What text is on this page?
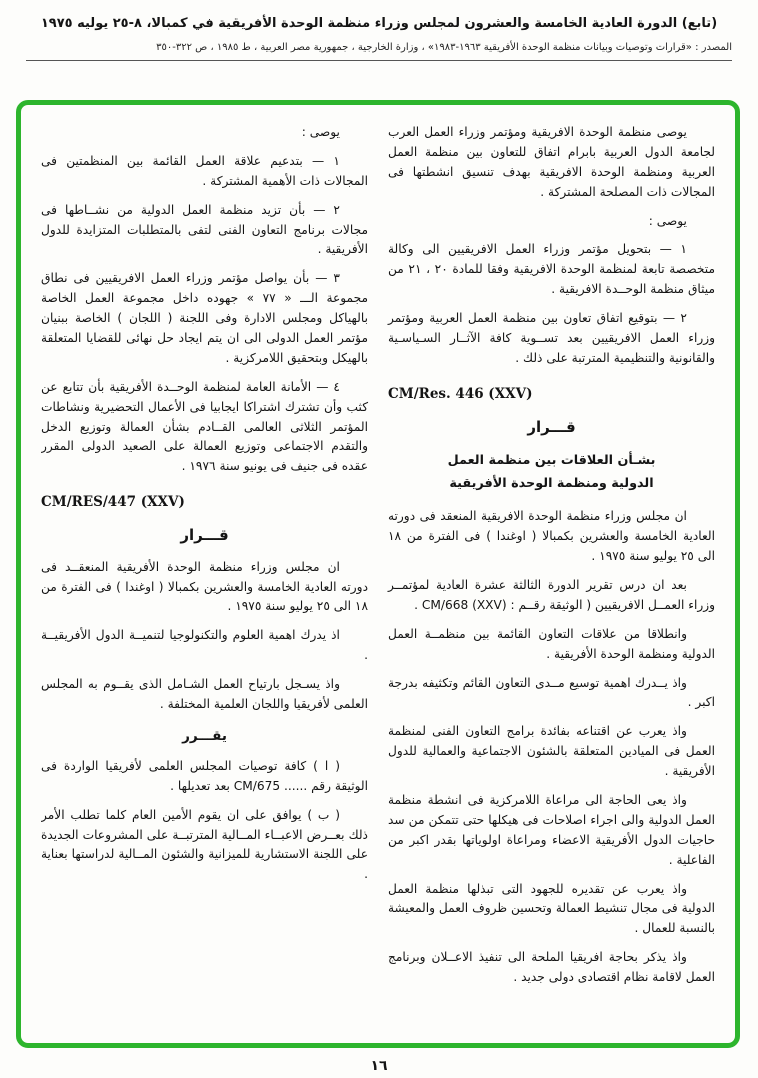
(تابع) الدورة العادية الخامسة والعشرون لمجلس وزراء منظمة الوحدة الأفريقية في كمبالا، ٨-٢٥ يوليه ١٩٧٥
المصدر : «قرارات وتوصيات وبيانات منظمة الوحدة الأفريقية ١٩٦٣-١٩٨٣» ، وزارة الخارجية ، جمهورية مصر العربية ، ط ١٩٨٥ ، ص ٣٢٢-٣٥٠

يوصى منظمة الوحدة الافريقية ومؤتمر وزراء العمل العرب لجامعة الدول العربية بابرام اتفاق للتعاون بين منظمة العمل العربية ومنظمة الوحدة الافريقية بهدف تنسيق انشطتها فى المجالات ذات المصلحة المشتركة .

يوصى :

١ — بتحويل مؤتمر وزراء العمل الافريقيين الى وكالة متخصصة تابعة لمنظمة الوحدة الافريقية وفقا للمادة ٢٠ ، ٢١ من ميثاق منظمة الوحــدة الافريقية .

٢ — بتوقيع اتفاق تعاون بين منظمة العمل العربية ومؤتمر وزراء العمل الافريقيين بعد تســوية كافة الآثــار السـياسـية والقانونية والتنظيمية المترتبة على ذلك .

CM/Res. 446 (XXV)
قـــرار
بشـأن العلاقات بين منظمة العمل
الدولية ومنظمة الوحدة الأفريقية

ان مجلس وزراء منظمة الوحدة الافريقية المنعقد فى دورته العادية الخامسة والعشرين بكمبالا ( اوغندا ) فى الفترة من ١٨ الى ٢٥ يوليو سنة ١٩٧٥ .

بعد ان درس تقرير الدورة الثالثة عشرة العادية لمؤتمــر وزراء العمــل الافريقيين ( الوثيقة رقــم : CM/668 (XXV) .

وانطلاقا من علاقات التعاون القائمة بين منظمــة العمل الدولية ومنظمة الوحدة الأفريقية .

واذ يــدرك اهمية توسيع مــدى التعاون القائم وتكثيفه بدرجة اكبر .

واذ يعرب عن اقتناعه بفائدة برامج التعاون الفنى لمنظمة العمل فى الميادين المتعلقة بالشئون الاجتماعية والعمالية للدول الأفريقية .

واذ يعى الحاجة الى مراعاة اللامركزية فى انشطة منظمة العمل الدولية والى اجراء اصلاحات فى هيكلها حتى تتمكن من سد حاجيات الدول الأفريقية الاعضاء ومراعاة اولوياتها بقدر اكبر من الفاعلية .

واذ يعرب عن تقديره للجهود التى تبذلها منظمة العمل الدولية فى مجال تنشيط العمالة وتحسين ظروف العمل والمعيشة بالنسبة للعمال .

واذ يذكر بحاجة افريقيا الملحة الى تنفيذ الاعــلان وبرنامج العمل لاقامة نظام اقتصادى دولى جديد .

يوصى :

١ — بتدعيم علاقة العمل القائمة بين المنظمتين فى المجالات ذات الأهمية المشتركة .

٢ — بأن تزيد منظمة العمل الدولية من نشــاطها فى مجالات برنامج التعاون الفنى لتفى بالمتطلبات المتزايدة للدول الأفريقية .

٣ — بأن يواصل مؤتمر وزراء العمل الافريقيين فى نطاق مجموعة الـــ « ٧٧ » جهوده داخل مجموعة العمل الخاصة بالهياكل ومجلس الادارة وفى اللجنة ( اللجان ) الخاصة ببنيان مؤتمر العمل الدولى الى ان يتم ايجاد حل نهائى للقضايا المتعلقة بالهيكل وبتحقيق اللامركزية .

٤ — الأمانة العامة لمنظمة الوحــدة الأفريقية بأن تتابع عن كثب وأن تشترك اشتراكا ايجابيا فى الأعمال التحضيرية ونشاطات المؤتمر الثلاثى العالمى القــادم بشأن العمالة وتوزيع الدخل والتقدم الاجتماعى وتوزيع العمالة على الصعيد الدولى المقرر عقده فى جنيف فى يونيو سنة ١٩٧٦ .

CM/RES/447 (XXV)
قـــرار

ان مجلس وزراء منظمة الوحدة الأفريقية المنعقــد فى دورته العادية الخامسة والعشرين بكمبالا ( اوغندا ) فى الفترة من ١٨ الى ٢٥ يوليو سنة ١٩٧٥ .

اذ يدرك اهمية العلوم والتكنولوجيا لتنميــة الدول الأفريقيــة .

واذ يسـجل بارتياح العمل الشـامل الذى يقــوم به المجلس العلمى لأفريقيا واللجان العلمية المختلفة .

يقـــرر

( ا ) كافة توصيات المجلس العلمى لأفريقيا الواردة فى الوثيقة رقم ...... CM/675 بعد تعديلها .

( ب ) يوافق على ان يقوم الأمين العام كلما تطلب الأمر ذلك بعــرض الاعبــاء المــالية المترتبــة على المشروعات الجديدة على اللجنة الاستشارية للميزانية والشئون المــالية لدراستها بعناية .

١٦
